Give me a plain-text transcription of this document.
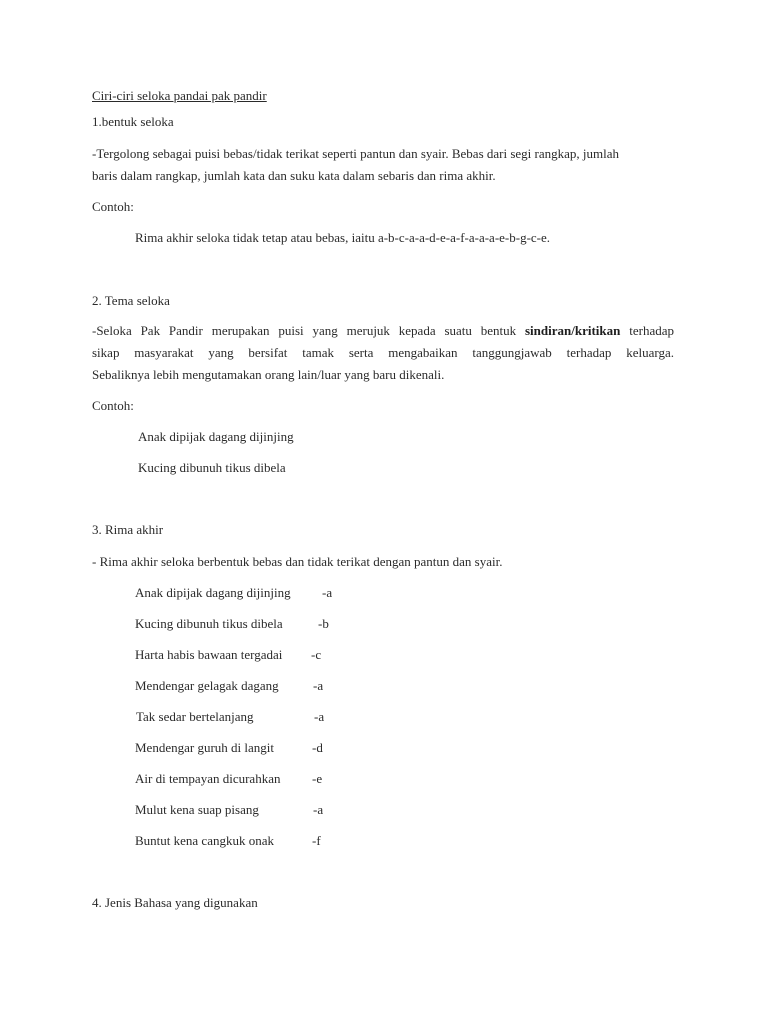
Ciri-ciri seloka pandai pak pandir
1.bentuk seloka
-Tergolong sebagai puisi bebas/tidak terikat seperti pantun dan syair. Bebas dari segi rangkap, jumlah
baris dalam rangkap, jumlah kata dan suku kata dalam sebaris dan rima akhir.
Contoh:
Rima akhir seloka tidak tetap atau bebas, iaitu a-b-c-a-a-d-e-a-f-a-a-a-e-b-g-c-e.
2. Tema seloka
-Seloka Pak Pandir merupakan puisi yang merujuk kepada suatu bentuk sindiran/kritikan terhadap
sikap masyarakat yang bersifat tamak serta mengabaikan tanggungjawab terhadap keluarga.
Sebaliknya lebih mengutamakan orang lain/luar yang baru dikenali.
Contoh:
Anak dipijak dagang dijinjing
Kucing dibunuh tikus dibela
3. Rima akhir
- Rima akhir seloka berbentuk bebas dan tidak terikat dengan pantun dan syair.
Anak dipijak dagang dijinjing -a
Kucing dibunuh tikus dibela	-b
Harta habis bawaan tergadai -c
Mendengar gelagak dagang	-a
Tak sedar bertelanjang	-a
Mendengar guruh di langit	-d
Air di tempayan dicurahkan -e
Mulut kena suap pisang	-a
Buntut kena cangkuk onak	-f
4. Jenis Bahasa yang digunakan
